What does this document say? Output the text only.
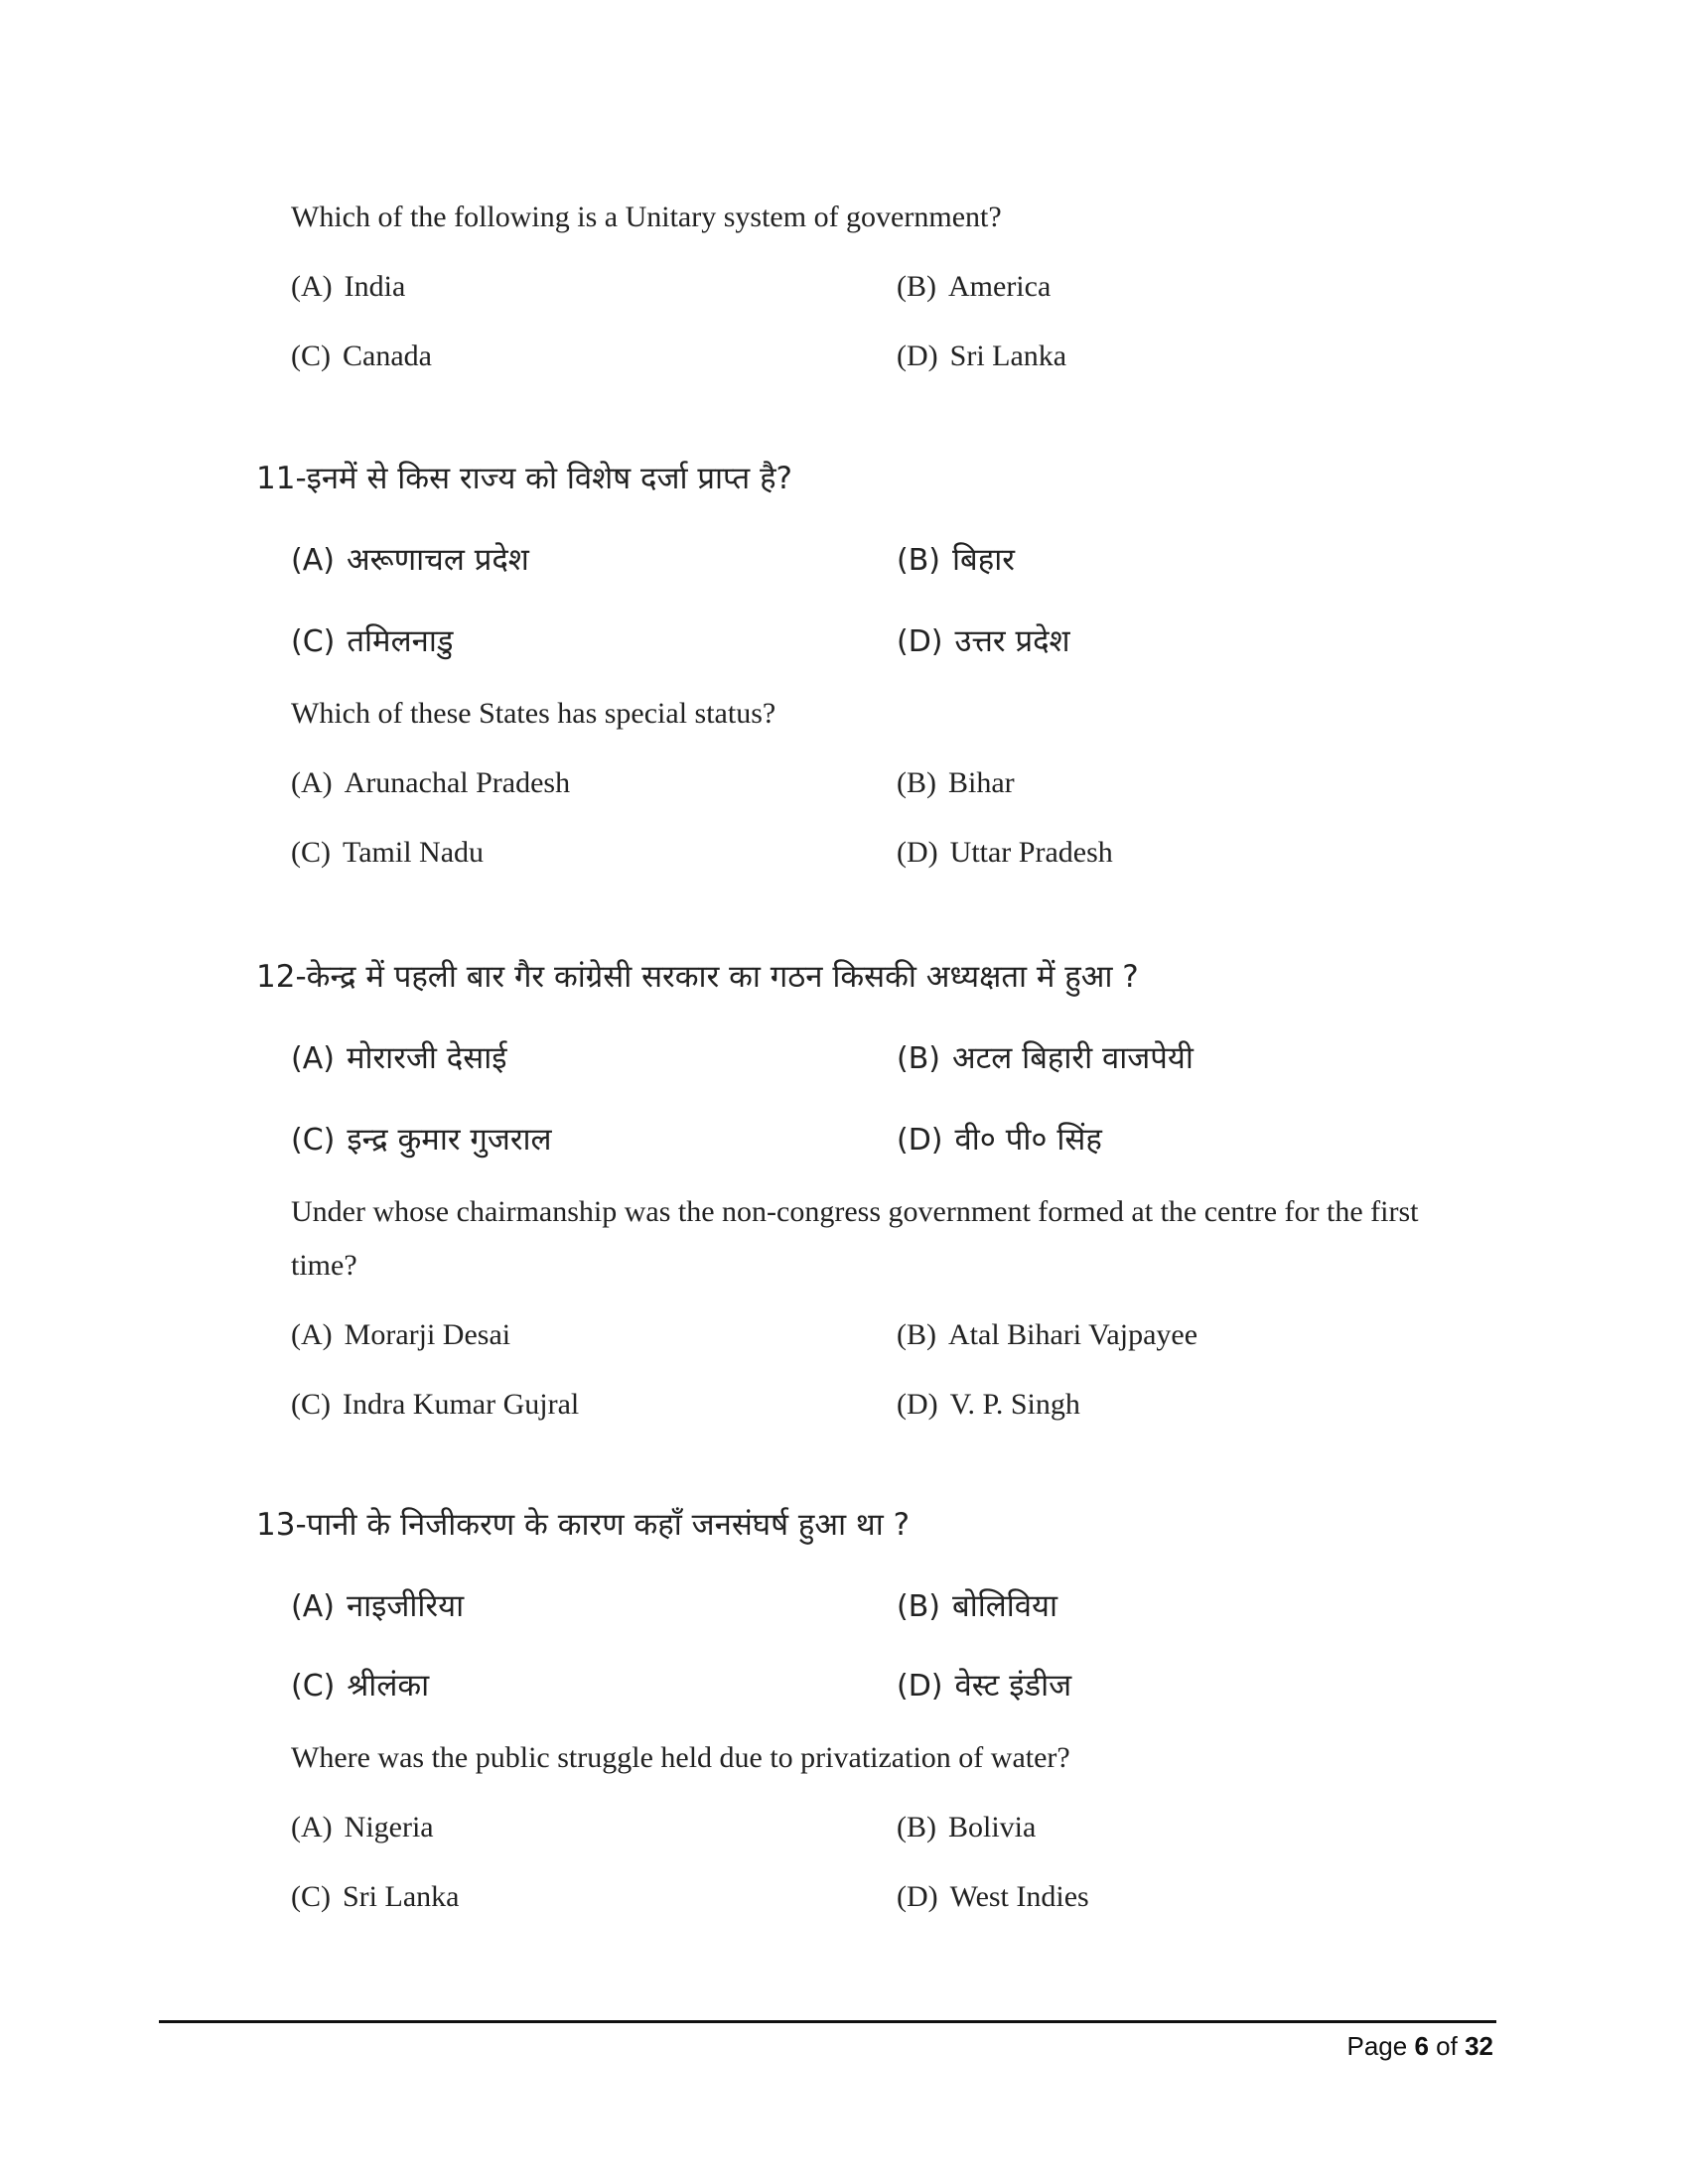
Which of the following is a Unitary system of government?
(A) India	(B) America
(C) Canada	(D) Sri Lanka
11-इनमें से किस राज्य को विशेष दर्जा प्राप्त है?
(A) अरूणाचल प्रदेश	(B) बिहार
(C) तमिलनाडु	(D) उत्तर प्रदेश
Which of these States has special status?
(A) Arunachal Pradesh	(B) Bihar
(C) Tamil Nadu	(D) Uttar Pradesh
12-केन्द्र में पहली बार गैर कांग्रेसी सरकार का गठन किसकी अध्यक्षता में हुआ ?
(A) मोरारजी देसाई	(B) अटल बिहारी वाजपेयी
(C) इन्द्र कुमार गुजराल	(D) वी० पी० सिंह
Under whose chairmanship was the non-congress government formed at the centre for the first
time?
(A) Morarji Desai	(B) Atal Bihari Vajpayee
(C) Indra Kumar Gujral	(D) V. P. Singh
13-पानी के निजीकरण के कारण कहाँ जनसंघर्ष हुआ था ?
(A) नाइजीरिया	(B) बोलिविया
(C) श्रीलंका	(D) वेस्ट इंडीज
Where was the public struggle held due to privatization of water?
(A) Nigeria	(B) Bolivia
(C) Sri Lanka	(D) West Indies
Page 6 of 32
